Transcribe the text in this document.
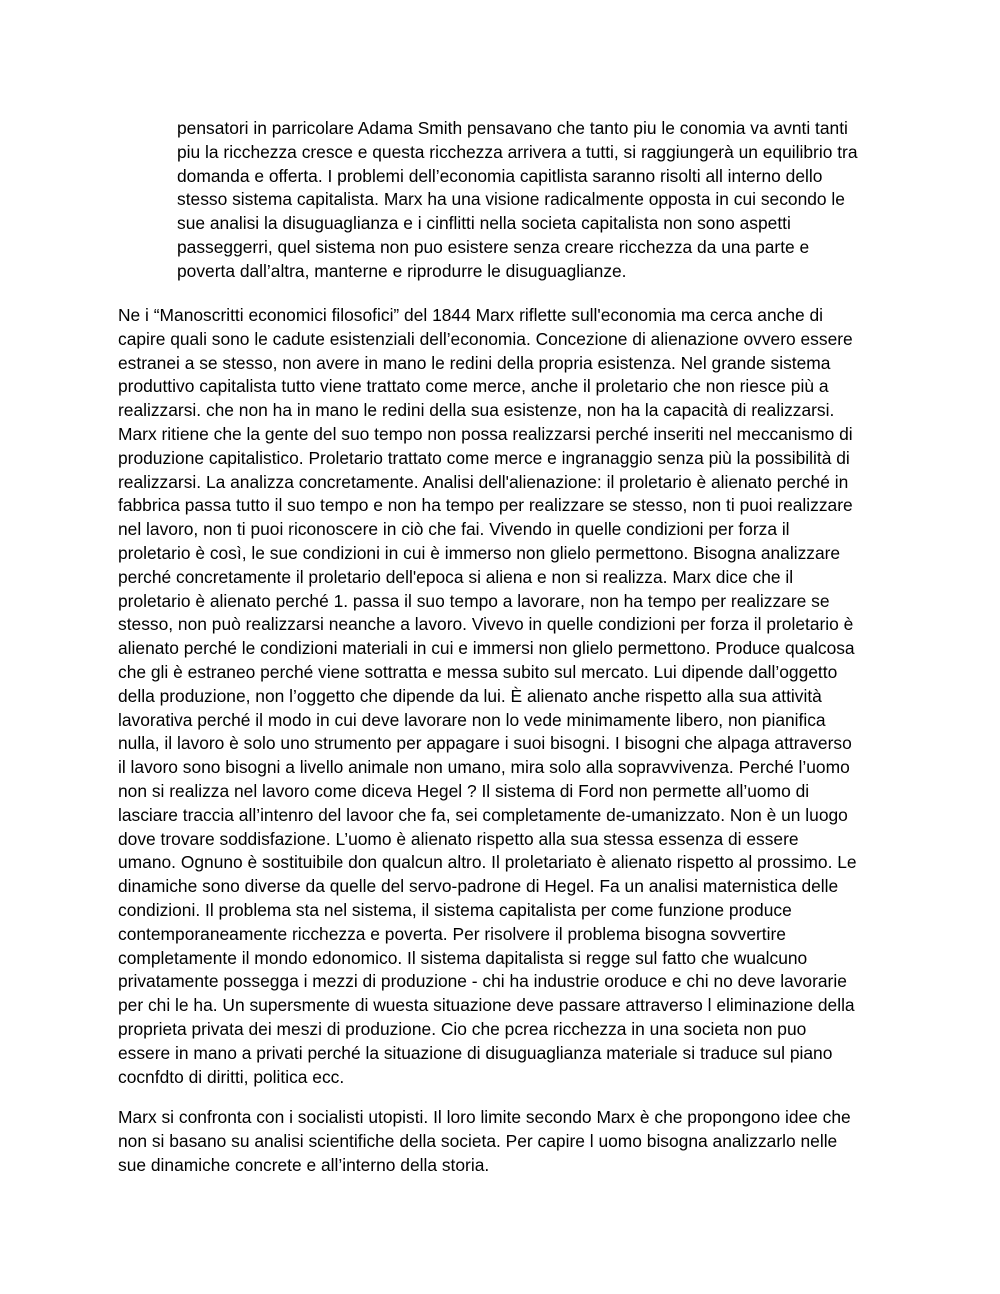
pensatori in parricolare Adama Smith pensavano che tanto piu le conomia va avnti tanti
piu la ricchezza cresce e questa ricchezza arrivera a tutti, si raggiungerà un equilibrio tra
domanda e offerta. I problemi dell’economia capitlista saranno risolti all interno dello
stesso sistema capitalista. Marx ha una visione radicalmente opposta in cui secondo le
sue analisi la disuguaglianza e i cinflitti nella societa capitalista non sono aspetti
passeggerri, quel sistema non puo esistere senza creare ricchezza da una parte e
poverta dall’altra, manterne e riprodurre le disuguaglianze.

Ne i “Manoscritti economici filosofici” del 1844 Marx riflette sull'economia ma cerca anche di
capire quali sono le cadute esistenziali dell’economia. Concezione di alienazione ovvero essere
estranei a se stesso, non avere in mano le redini della propria esistenza. Nel grande sistema
produttivo capitalista tutto viene trattato come merce, anche il proletario che non riesce più a
realizzarsi. che non ha in mano le redini della sua esistenze, non ha la capacità di realizzarsi.
Marx ritiene che la gente del suo tempo non possa realizzarsi perché inseriti nel meccanismo di
produzione capitalistico. Proletario trattato come merce e ingranaggio senza più la possibilità di
realizzarsi. La analizza concretamente. Analisi dell'alienazione: il proletario è alienato perché in
fabbrica passa tutto il suo tempo e non ha tempo per realizzare se stesso, non ti puoi realizzare
nel lavoro, non ti puoi riconoscere in ciò che fai. Vivendo in quelle condizioni per forza il
proletario è così, le sue condizioni in cui è immerso non glielo permettono. Bisogna analizzare
perché concretamente il proletario dell'epoca si aliena e non si realizza. Marx dice che il
proletario è alienato perché 1. passa il suo tempo a lavorare, non ha tempo per realizzare se
stesso, non può realizzarsi neanche a lavoro. Vivevo in quelle condizioni per forza il proletario è
alienato perché le condizioni materiali in cui e immersi non glielo permettono. Produce qualcosa
che gli è estraneo perché viene sottratta e messa subito sul mercato. Lui dipende dall’oggetto
della produzione, non l’oggetto che dipende da lui. È alienato anche rispetto alla sua attività
lavorativa perché il modo in cui deve lavorare non lo vede minimamente libero, non pianifica
nulla, il lavoro è solo uno strumento per appagare i suoi bisogni. I bisogni che alpaga attraverso
il lavoro sono bisogni a livello animale non umano, mira solo alla sopravvivenza. Perché l’uomo
non si realizza nel lavoro come diceva Hegel ? Il sistema di Ford non permette all’uomo di
lasciare traccia all’intenro del lavoor che fa, sei completamente de-umanizzato. Non è un luogo
dove trovare soddisfazione. L’uomo è alienato rispetto alla sua stessa essenza di essere
umano. Ognuno è sostituibile don qualcun altro. Il proletariato è alienato rispetto al prossimo. Le
dinamiche sono diverse da quelle del servo-padrone di Hegel. Fa un analisi maternistica delle
condizioni. Il problema sta nel sistema, il sistema capitalista per come funzione produce
contemporaneamente ricchezza e poverta. Per risolvere il problema bisogna sovvertire
completamente il mondo edonomico. Il sistema dapitalista si regge sul fatto che wualcuno
privatamente possegga i mezzi di produzione - chi ha industrie oroduce e chi no deve lavorarie
per chi le ha. Un supersmente di wuesta situazione deve passare attraverso l eliminazione della
proprieta privata dei meszi di produzione. Cio che pcrea ricchezza in una societa non puo
essere in mano a privati perché la situazione di disuguaglianza materiale si traduce sul piano
cocnfdto di diritti, politica ecc.

Marx si confronta con i socialisti utopisti. Il loro limite secondo Marx è che propongono idee che
non si basano su analisi scientifiche della societa. Per capire l uomo bisogna analizzarlo nelle
sue dinamiche concrete e all’interno della storia.
